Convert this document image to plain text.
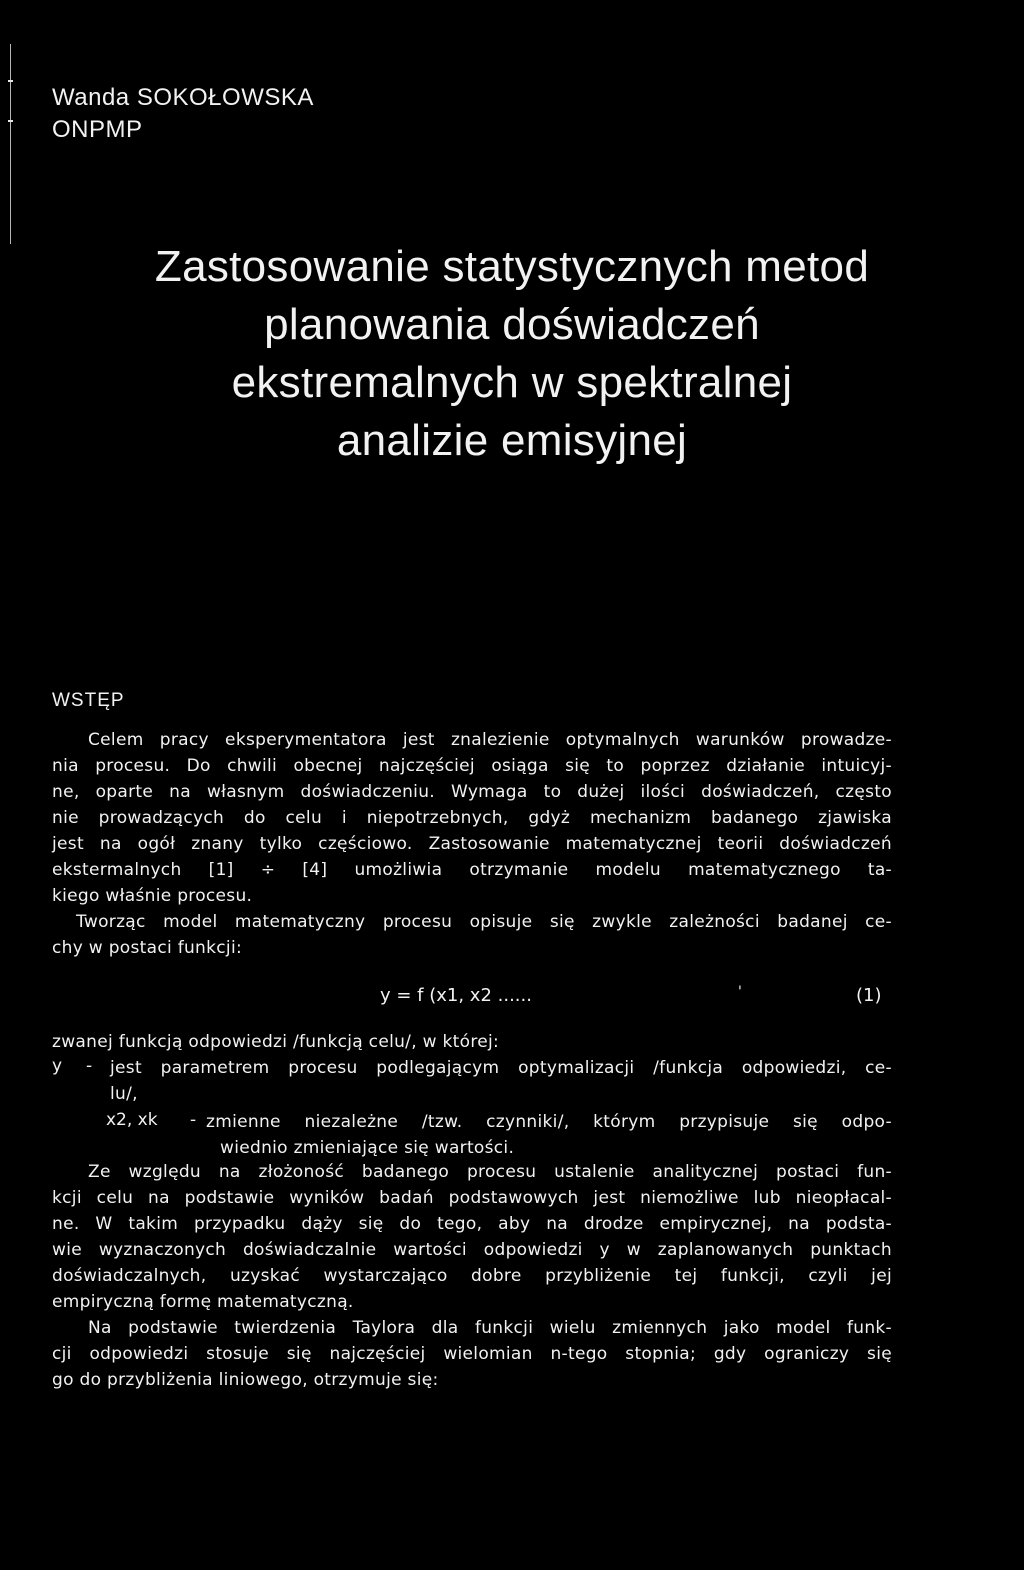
Wanda SOKOŁOWSKA
ONPMP
Zastosowanie statystycznych metod
planowania doświadczeń
ekstremalnych w spektralnej
analizie emisyjnej
WSTĘP
Celem pracy eksperymentatora jest znalezienie optymalnych warunków prowadze-
nia procesu. Do chwili obecnej najczęściej osiąga się to poprzez działanie intuicyj-
ne, oparte na własnym doświadczeniu. Wymaga to dużej ilości doświadczeń, często
nie prowadzących do celu i niepotrzebnych, gdyż mechanizm badanego zjawiska
jest na ogół znany tylko częściowo. Zastosowanie matematycznej teorii doświadczeń
ekstermalnych [1] ÷ [4] umożliwia otrzymanie modelu matematycznego ta-
kiego właśnie procesu.
Tworząc model matematyczny procesu opisuje się zwykle zależności badanej ce-
chy w postaci funkcji:
y = f (x1, x2 ......	'	(1)
zwanej funkcją odpowiedzi /funkcją celu/, w której:
y - jest parametrem procesu podlegającym optymalizacji /funkcja odpowiedzi, ce-
lu/,
x2, xk - zmienne niezależne /tzw. czynniki/, którym przypisuje się odpo-
wiednio zmieniające się wartości.
Ze względu na złożoność badanego procesu ustalenie analitycznej postaci fun-
kcji celu na podstawie wyników badań podstawowych jest niemożliwe lub nieopłacal-
ne. W takim przypadku dąży się do tego, aby na drodze empirycznej, na podsta-
wie wyznaczonych doświadczalnie wartości odpowiedzi y w zaplanowanych punktach
doświadczalnych, uzyskać wystarczająco dobre przybliżenie tej funkcji, czyli jej
empiryczną formę matematyczną.
Na podstawie twierdzenia Taylora dla funkcji wielu zmiennych jako model funk-
cji odpowiedzi stosuje się najczęściej wielomian n-tego stopnia; gdy ograniczy się
go do przybliżenia liniowego, otrzymuje się:
